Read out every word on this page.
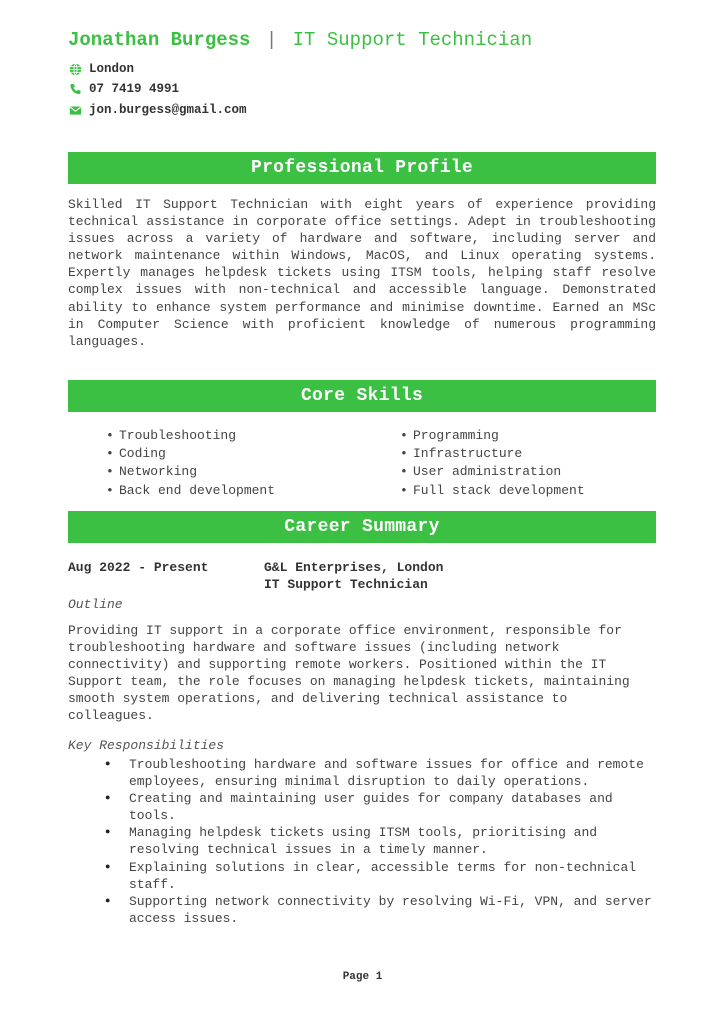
Jonathan Burgess | IT Support Technician
London
07 7419 4991
jon.burgess@gmail.com
Professional Profile

Skilled IT Support Technician with eight years of experience providing technical assistance in corporate office settings. Adept in troubleshooting issues across a variety of hardware and software, including server and network maintenance within Windows, MacOS, and Linux operating systems. Expertly manages helpdesk tickets using ITSM tools, helping staff resolve complex issues with non-technical and accessible language. Demonstrated ability to enhance system performance and minimise downtime. Earned an MSc in Computer Science with proficient knowledge of numerous programming languages.

Core Skills
• Troubleshooting
• Coding
• Networking
• Back end development
• Programming
• Infrastructure
• User administration
• Full stack development
Career Summary
Aug 2022 - Present	G&L Enterprises, London
IT Support Technician
Outline

Providing IT support in a corporate office environment, responsible for troubleshooting hardware and software issues (including network connectivity) and supporting remote workers. Positioned within the IT Support team, the role focuses on managing helpdesk tickets, maintaining smooth system operations, and delivering technical assistance to colleagues.

Key Responsibilities
● Troubleshooting hardware and software issues for office and remote employees, ensuring minimal disruption to daily operations.
● Creating and maintaining user guides for company databases and tools.
● Managing helpdesk tickets using ITSM tools, prioritising and resolving technical issues in a timely manner.
● Explaining solutions in clear, accessible terms for non-technical staff.
● Supporting network connectivity by resolving Wi-Fi, VPN, and server access issues.
Page 1
